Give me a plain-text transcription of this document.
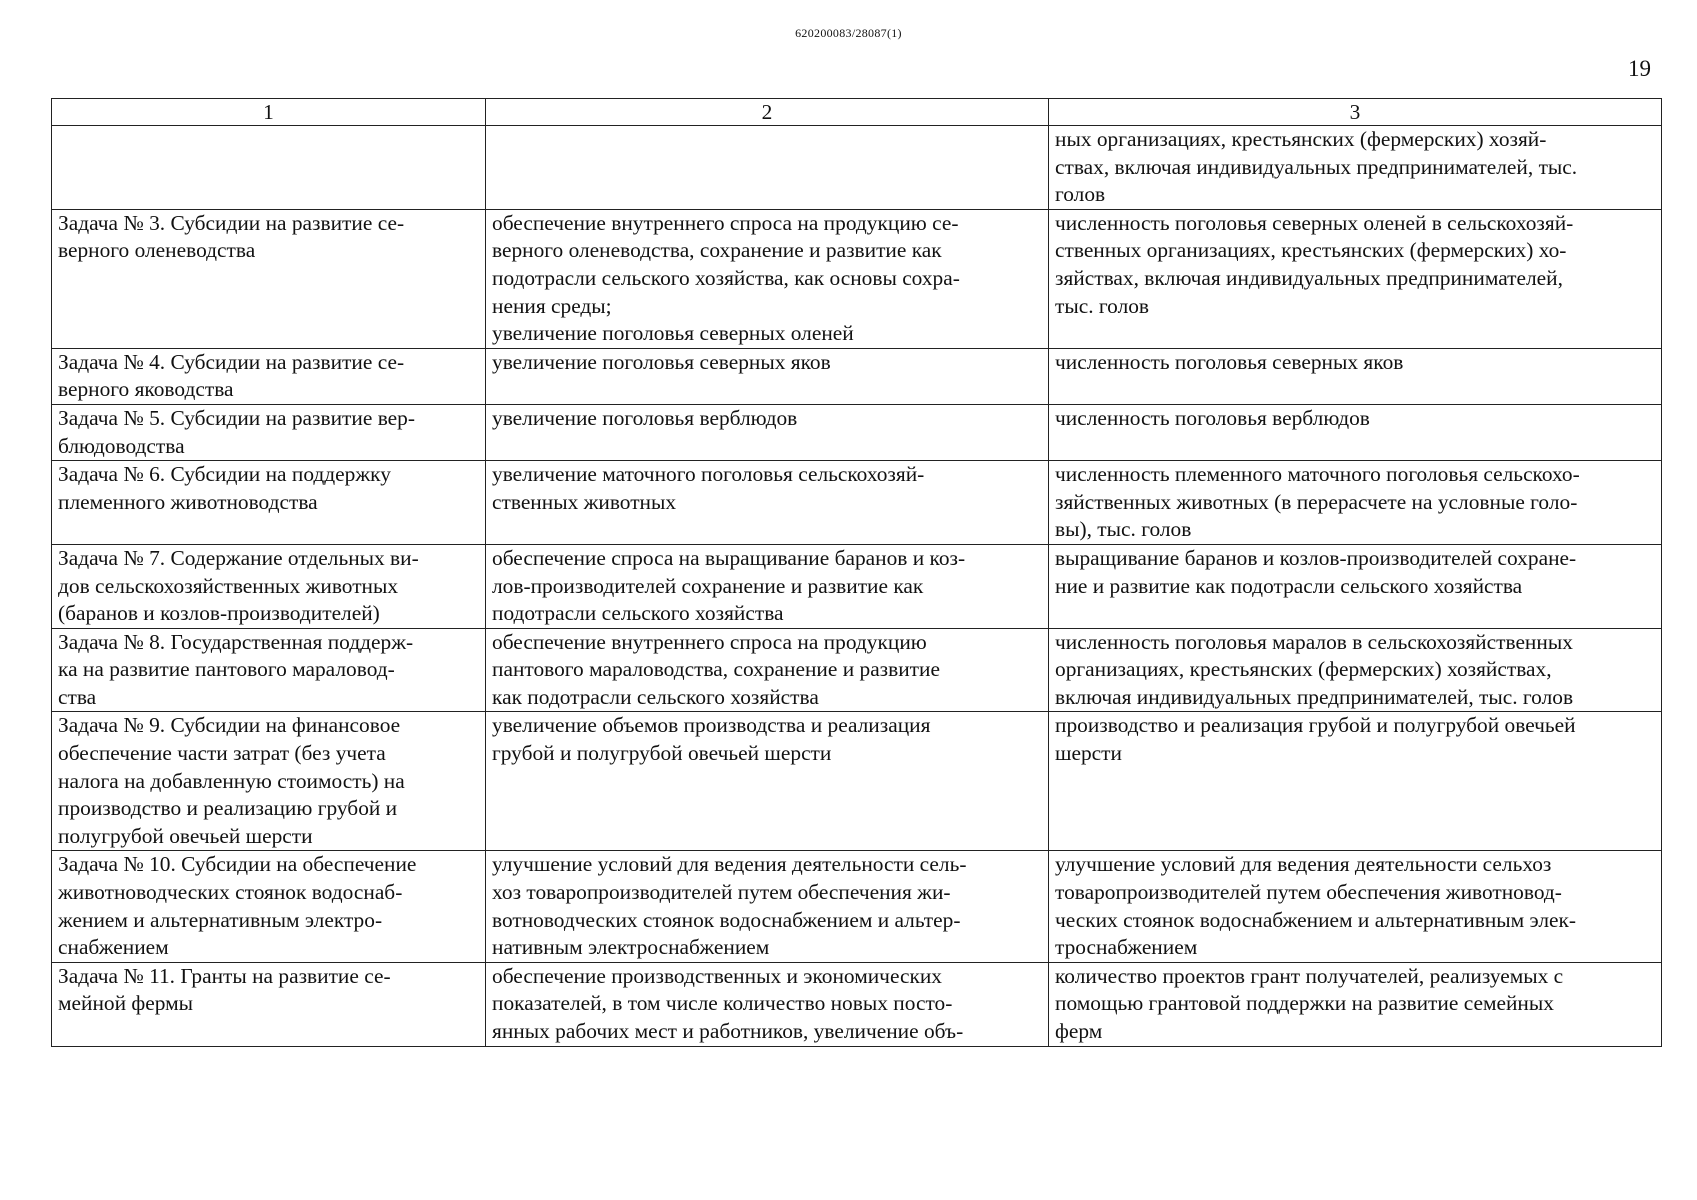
620200083/28087(1)
19
1	2	3

		ных организациях, крестьянских (фермерских) хозяй-
ствах, включая индивидуальных предпринимателей, тыс.
голов

Задача № 3. Субсидии на развитие се-
верного оленеводства	обеспечение внутреннего спроса на продукцию се-
верного оленеводства, сохранение и развитие как
подотрасли сельского хозяйства, как основы сохра-
нения среды;
увеличение поголовья северных оленей	численность поголовья северных оленей в сельскохозяй-
ственных организациях, крестьянских (фермерских) хо-
зяйствах, включая индивидуальных предпринимателей,
тыс. голов

Задача № 4. Субсидии на развитие се-
верного яководства	увеличение поголовья северных яков	численность поголовья северных яков

Задача № 5. Субсидии на развитие вер-
блюдоводства	увеличение поголовья верблюдов	численность поголовья верблюдов

Задача № 6. Субсидии на поддержку
племенного животноводства	увеличение маточного поголовья сельскохозяй-
ственных животных	численность племенного маточного поголовья сельскохо-
зяйственных животных (в перерасчете на условные голо-
вы), тыс. голов

Задача № 7. Содержание отдельных ви-
дов сельскохозяйственных животных
(баранов и козлов-производителей)	обеспечение спроса на выращивание баранов и коз-
лов-производителей сохранение и развитие как
подотрасли сельского хозяйства	выращивание баранов и козлов-производителей сохране-
ние и развитие как подотрасли сельского хозяйства

Задача № 8. Государственная поддерж-
ка на развитие пантового мараловод-
ства	обеспечение внутреннего спроса на продукцию
пантового мараловодства, сохранение и развитие
как подотрасли сельского хозяйства	численность поголовья маралов в сельскохозяйственных
организациях, крестьянских (фермерских) хозяйствах,
включая индивидуальных предпринимателей, тыс. голов

Задача № 9. Субсидии на финансовое
обеспечение части затрат (без учета
налога на добавленную стоимость) на
производство и реализацию грубой и
полугрубой овечьей шерсти	увеличение объемов производства и реализация
грубой и полугрубой овечьей шерсти	производство и реализация грубой и полугрубой овечьей
шерсти

Задача № 10. Субсидии на обеспечение
животноводческих стоянок водоснаб-
жением и альтернативным электро-
снабжением	улучшение условий для ведения деятельности сель-
хоз товаропроизводителей путем обеспечения жи-
вотноводческих стоянок водоснабжением и альтер-
нативным электроснабжением	улучшение условий для ведения деятельности сельхоз
товаропроизводителей путем обеспечения животновод-
ческих стоянок водоснабжением и альтернативным элек-
троснабжением

Задача № 11. Гранты на развитие се-
мейной фермы	обеспечение производственных и экономических
показателей, в том числе количество новых посто-
янных рабочих мест и работников, увеличение объ-	количество проектов грант получателей, реализуемых с
помощью грантовой поддержки на развитие семейных
ферм
